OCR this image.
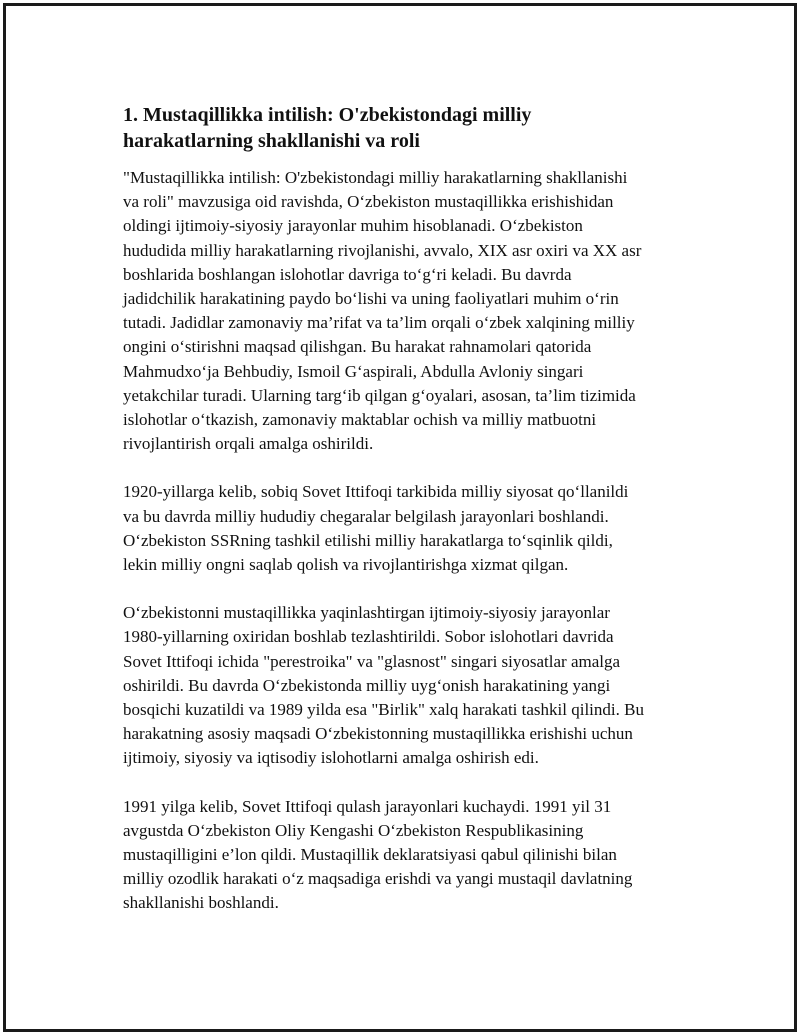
1. Mustaqillikka intilish: O'zbekistondagi milliy
harakatlarning shakllanishi va roli

"Mustaqillikka intilish: O'zbekistondagi milliy harakatlarning shakllanishi
va roli" mavzusiga oid ravishda, O‘zbekiston mustaqillikka erishishidan
oldingi ijtimoiy-siyosiy jarayonlar muhim hisoblanadi. O‘zbekiston
hududida milliy harakatlarning rivojlanishi, avvalo, XIX asr oxiri va XX asr
boshlarida boshlangan islohotlar davriga to‘g‘ri keladi. Bu davrda
jadidchilik harakatining paydo bo‘lishi va uning faoliyatlari muhim o‘rin
tutadi. Jadidlar zamonaviy ma’rifat va ta’lim orqali o‘zbek xalqining milliy
ongini o‘stirishni maqsad qilishgan. Bu harakat rahnamolari qatorida
Mahmudxo‘ja Behbudiy, Ismoil G‘aspirali, Abdulla Avloniy singari
yetakchilar turadi. Ularning targ‘ib qilgan g‘oyalari, asosan, ta’lim tizimida
islohotlar o‘tkazish, zamonaviy maktablar ochish va milliy matbuotni
rivojlantirish orqali amalga oshirildi.

1920-yillarga kelib, sobiq Sovet Ittifoqi tarkibida milliy siyosat qo‘llanildi
va bu davrda milliy hududiy chegaralar belgilash jarayonlari boshlandi.
O‘zbekiston SSRning tashkil etilishi milliy harakatlarga to‘sqinlik qildi,
lekin milliy ongni saqlab qolish va rivojlantirishga xizmat qilgan.

O‘zbekistonni mustaqillikka yaqinlashtirgan ijtimoiy-siyosiy jarayonlar
1980-yillarning oxiridan boshlab tezlashtirildi. Sobor islohotlari davrida
Sovet Ittifoqi ichida "perestroika" va "glasnost" singari siyosatlar amalga
oshirildi. Bu davrda O‘zbekistonda milliy uyg‘onish harakatining yangi
bosqichi kuzatildi va 1989 yilda esa "Birlik" xalq harakati tashkil qilindi. Bu
harakatning asosiy maqsadi O‘zbekistonning mustaqillikka erishishi uchun
ijtimoiy, siyosiy va iqtisodiy islohotlarni amalga oshirish edi.

1991 yilga kelib, Sovet Ittifoqi qulash jarayonlari kuchaydi. 1991 yil 31
avgustda O‘zbekiston Oliy Kengashi O‘zbekiston Respublikasining
mustaqilligini e’lon qildi. Mustaqillik deklaratsiyasi qabul qilinishi bilan
milliy ozodlik harakati o‘z maqsadiga erishdi va yangi mustaqil davlatning
shakllanishi boshlandi.
